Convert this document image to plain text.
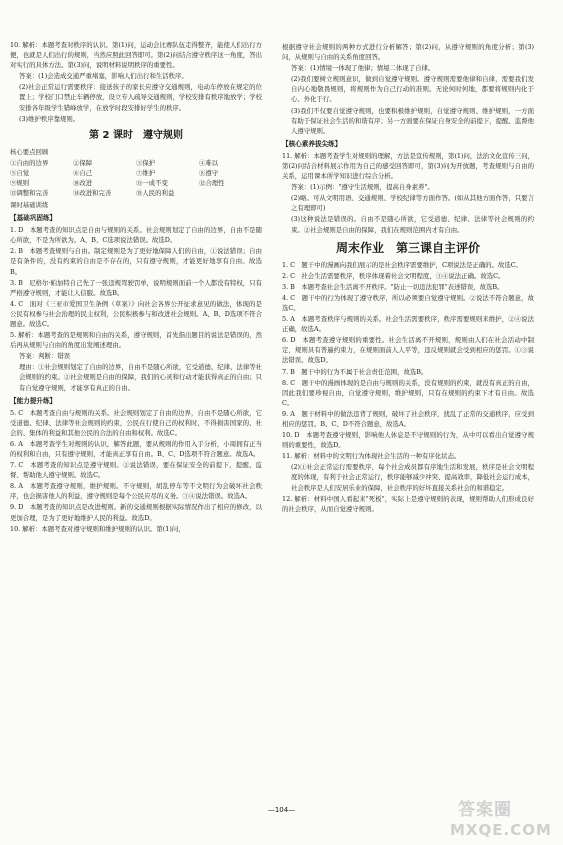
10. 解析：本题考查对秩序的认识。第(1)问，运动会比赛队伍走得整齐，能使人们出行方便，也就是人们出行的规则，当然应照此回答即可。第(2)问结合遵守秩序这一角度，答出对实行的具体方法。第(3)问，说明材料说明秩序的重要性。

答案：(1)会造成交通严重堵塞，影响人们出行和生活秩序。

(2)社会正常运行需要秩序：接送孩子的家长应遵守交通规则，电动车停放在规定的位置上；学校门口禁止车辆停放，设立专人疏导交通规则，学校安排有秩序地放学；学校安排各年级学生错峰放学，在放学时段安排好学生的秩序。

(3)维护秩序靠规则。

第 2 课时　遵守规则
核心要点回顾
①自由的边界	②保障	③保护	④难以
⑤自觉	⑥自己	⑦维护	⑧遵守
⑨规则	⑩改进	⑪一成不变	⑫合理性
⑬调整和完善	⑭改进和完善	⑮人民的利益
课时基础训练
【基础巩固练】

1. D　本题考查的知识点是自由与规则的关系。社会规则划定了自由的边界，自由不是随心所欲，不是为所欲为。A、B、C选项说法错误。故选D。

2. B　本题考查规则与自由。制定规则是为了更好地保障人们的自由，①说法错误；自由是有条件的，没有约束的自由是不存在的，只有遵守规则，才能更好地享有自由。故选B。

3. B　尼格尔·帕加特自己先了一张违规驾驶罚单，说明规则面前一个人都没有特权，只有严格遵守规则，才能让人信服。故选B。

4. C　面对《三亚市爱国卫生条例（草案）》向社会各界公开征求意见的做法，体现的是公民有权参与社会治理的民主权利，公民积极参与和改进社会规则。A、B、D选项不符合题意。故选C。

5. 解析：本题考查的是规则和自由的关系，遵守规则，首先指出题目的说法是错误的，然后再从规则与自由的角度出发阐述理由。

答案：判断：错误

理由：①社会规则划定了自由的边界，自由不是随心所欲，它受道德、纪律、法律等社会规则的约束。②社会规则是自由的保障，我们的心灵和行动才能获得真正的自由；只有自觉遵守规则，才能享有真正的自由。

【能力提升练】

5. C　本题考查自由与规则的关系。社会规则划定了自由的边界，自由不是随心所欲，它受道德、纪律、法律等社会规则的约束，公民在行使自己的权利时，不得损害国家的、社会的、集体的利益和其他公民的合法的自由和权利。故选C。

6. A　本题考查学生对规则的认识，解答此题，要从规则的作用入手分析，小周拥有正当的权利和自由，只有遵守规则，才能真正享有自由。B、C、D选项不符合题意。故选A。

7. C　本题考查的知识点是遵守规则。②说法错误，要在保证安全的前提下，提醒、监督、帮助他人遵守规则。故选C。

8. A　本题考查遵守规则，维护规则。不守规则，胡乱停车等不文明行为会破坏社会秩序，也会损害他人的利益，遵守规则是每个公民应尽的义务。③④说法错误。故选A。

9. D　本题考查的知识点是改进规则。新的交通规则根据实际情况作出了相应的修改，以更加合理，是为了更好地维护人民的利益。故选D。

10. 解析：本题考查对遵守规则和维护规则的认识。第(1)问，

根据遵守社会规则的两种方式进行分析解答；第(2)问，从遵守规则的角度分析；第(3)问，从规则与自由的关系角度回答。

答案：(1)情境一体现了他律；情境二体现了自律。

(2)我们要树立规则意识，做到自觉遵守规则。遵守规则需要他律和自律，需要我们发自内心地敬畏规则，将规则作为自己行动的准则。无论何时何地，都要将规则内化于心、外化于行。

(3)我们不仅要自觉遵守规则，也要积极维护规则，自觉遵守规则、维护规则，一方面有助于保证社会生活的和谐有序；另一方面要在保证自身安全的前提下，提醒、监督他人遵守规则。

【核心素养拔尖练】

11. 解析：本题考查学生对规则的理解，方法是宣传规则，第(1)问，法治文化宣传三问，第(2)问结合材料展示作用为自己的感受回答即可，第(3)问为开放题，考查规则与自由的关系，运用课本所学知识进行综合分析。

答案：(1)示例："遵守生活规则，提高自身素养"。

(2)略。可从文明用语、交通规则、学校纪律等方面作答。(如从其他方面作答，只要言之有理即可)

(3)这种说法是错误的。自由不是随心所欲，它受道德、纪律、法律等社会规则的约束。②社会规则是自由的保障，我们在规则范围内才有自由。

周末作业　第三课自主评价

1. C　题干中的漫画向我们展示的是社会秩序需要维护，C项说法是正确的。故选C。

2. C　社会生活需要秩序，秩序体现着社会文明程度，③④说法正确。故选C。

3. B　本题考查社会生活离不开秩序。"防止一切违法犯罪"表述错误，故选B。

4. C　题干中的行为体现了遵守秩序，所以必须要自觉遵守规则。②说法不符合题意，故选C。

5. A　本题考查秩序与规则的关系。社会生活需要秩序，秩序需要规则来维护，②④说法正确，故选A。

6. D　本题考查遵守规则的重要性。社会生活离不开规则，规则由人们在社会活动中制定，规则具有普遍约束力，在规则面前人人平等，违反规则就会受到相应的惩罚。①③说法错误。故选D。

7. B　题干中的行为不属于社会责任范围，故选B。

8. C　题干中的漫画体现的是自由与规则的关系，没有规则的约束，就没有真正的自由，因此我们要珍视自由，自觉遵守规则，维护规则，只有在规则的约束下才有自由。故选C。

9. A　题干材料中的做法违背了规则，破坏了社会秩序，扰乱了正常的交通秩序，应受到相应的惩罚。B、C、D不符合题意，故选A。

10. D　本题考查遵守规则，影响他人休息是不守规则的行为，从中可以看出自觉遵守规则的重要性，故选D。

11. 解析：材料中的文明行为体现社会生活的一种有序化状态。

(2)①社会正常运行需要秩序，每个社会成员都有序地生活和发展，秩序是社会文明程度的体现，有利于社会正常运行，秩序能够减少冲突、提高效率，降低社会运行成本，社会秩序是人们安居乐业的保障，社会秩序的好坏直接关系社会的和谐稳定。

12. 解析：材料中国人看起来"死板"，实际上是遵守规则的表现，规则帮助人们形成良好的社会秩序，从而自觉遵守规则。

—104—	答案圈
MXQE.COM
